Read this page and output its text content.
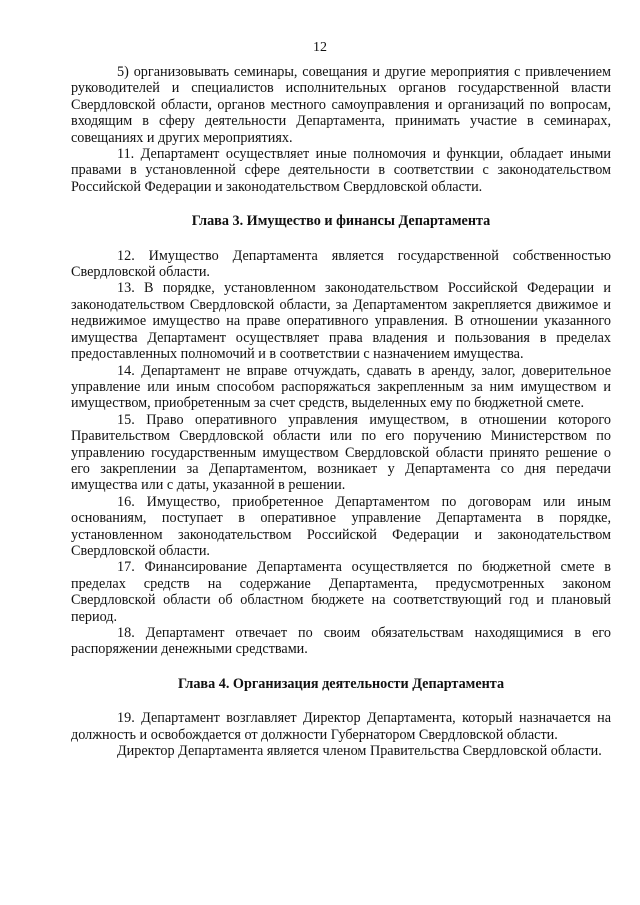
12

5) организовывать семинары, совещания и другие мероприятия с привлечением руководителей и специалистов исполнительных органов государственной власти Свердловской области, органов местного самоуправления и организаций по вопросам, входящим в сферу деятельности Департамента, принимать участие в семинарах, совещаниях и других мероприятиях.

11. Департамент осуществляет иные полномочия и функции, обладает иными правами в установленной сфере деятельности в соответствии с законодательством Российской Федерации и законодательством Свердловской области.

Глава 3. Имущество и финансы Департамента

12. Имущество Департамента является государственной собственностью Свердловской области.

13. В порядке, установленном законодательством Российской Федерации и законодательством Свердловской области, за Департаментом закрепляется движимое и недвижимое имущество на праве оперативного управления. В отношении указанного имущества Департамент осуществляет права владения и пользования в пределах предоставленных полномочий и в соответствии с назначением имущества.

14. Департамент не вправе отчуждать, сдавать в аренду, залог, доверительное управление или иным способом распоряжаться закрепленным за ним имуществом и имуществом, приобретенным за счет средств, выделенных ему по бюджетной смете.

15. Право оперативного управления имуществом, в отношении которого Правительством Свердловской области или по его поручению Министерством по управлению государственным имуществом Свердловской области принято решение о его закреплении за Департаментом, возникает у Департамента со дня передачи имущества или с даты, указанной в решении.

16. Имущество, приобретенное Департаментом по договорам или иным основаниям, поступает в оперативное управление Департамента в порядке, установленном законодательством Российской Федерации и законодательством Свердловской области.

17. Финансирование Департамента осуществляется по бюджетной смете в пределах средств на содержание Департамента, предусмотренных законом Свердловской области об областном бюджете на соответствующий год и плановый период.

18. Департамент отвечает по своим обязательствам находящимися в его распоряжении денежными средствами.

Глава 4. Организация деятельности Департамента

19. Департамент возглавляет Директор Департамента, который назначается на должность и освобождается от должности Губернатором Свердловской области.

Директор Департамента является членом Правительства Свердловской области.
